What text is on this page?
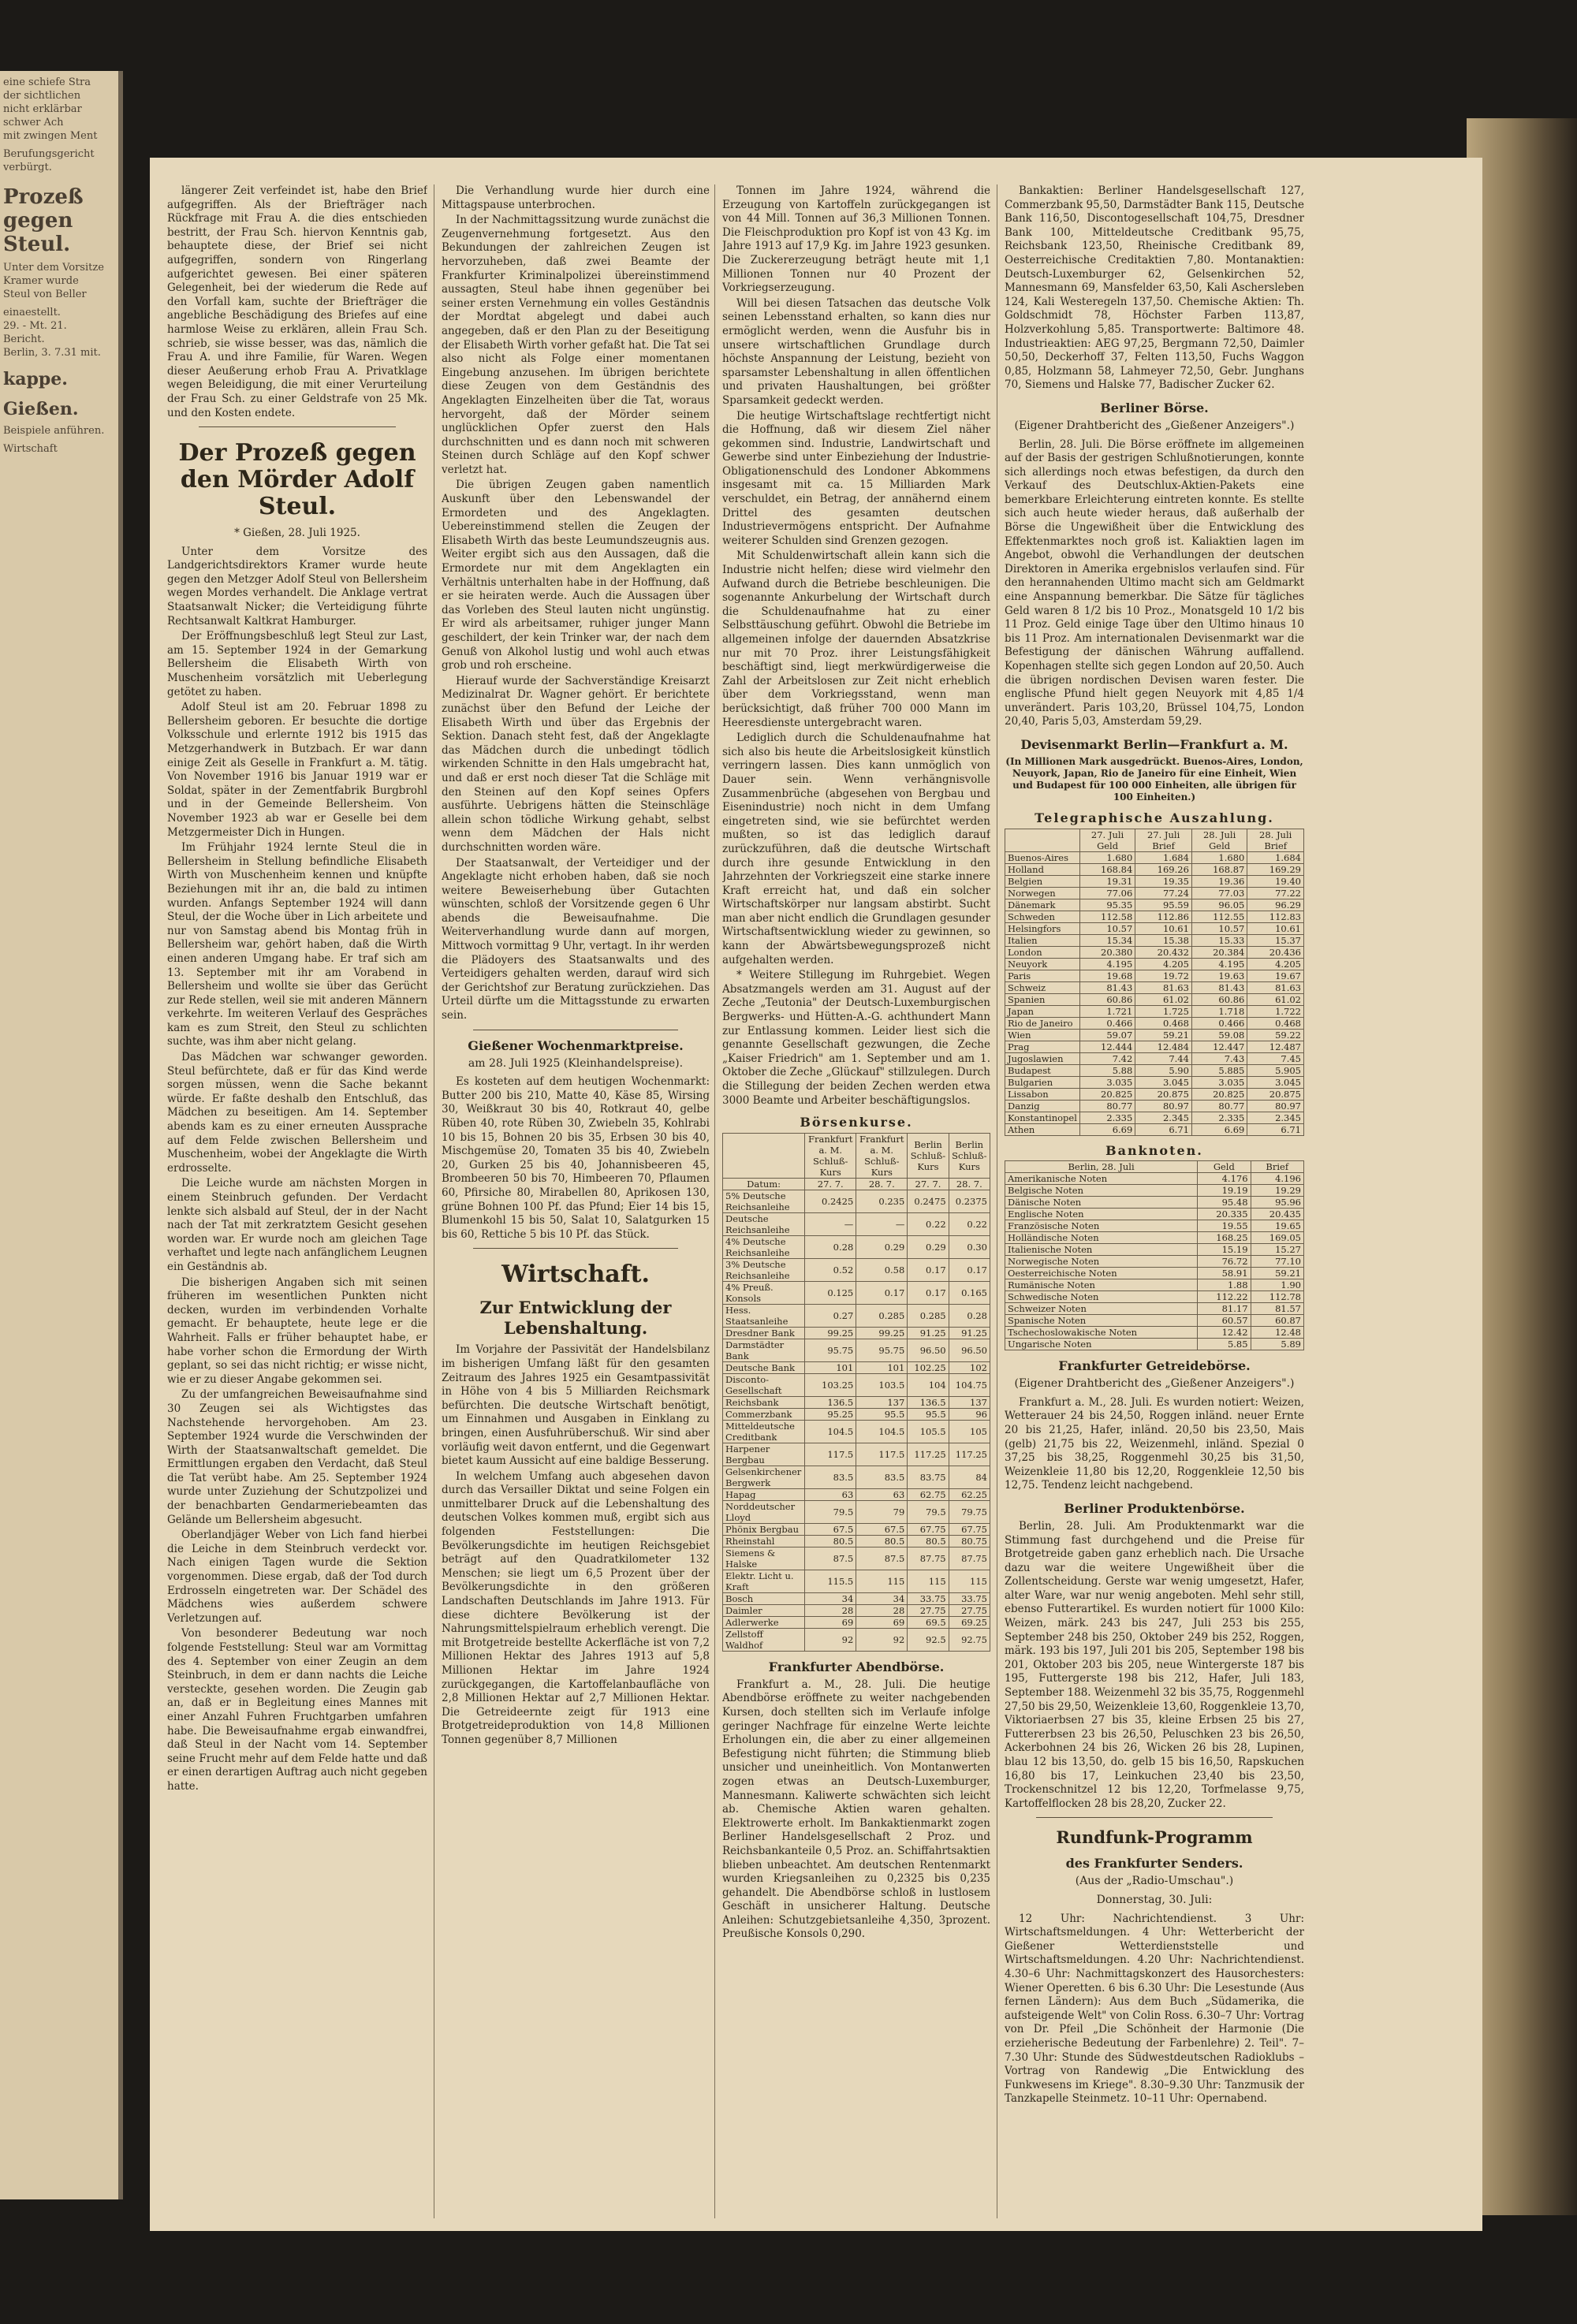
eine schiefe Stra
der sichtlichen
nicht erklärbar
schwer Ach
mit zwingen Ment
Berufungsgericht
verbürgt.
Prozeß gegen
Steul.
Unter dem Vorsitze
Kramer wurde
Steul von Beller
einaestellt.
29. - Mt. 21.
Bericht.
Berlin, 3. 7.31 mit.
kappe.
Gießen.
Beispiele anführen.
Wirtschaft

längerer Zeit verfeindet ist, habe den Brief aufgegriffen. Als der Briefträger nach Rückfrage mit Frau A. die dies entschieden bestritt, der Frau Sch. hiervon Kenntnis gab, behauptete diese, der Brief sei nicht aufgegriffen, sondern von Ringerlang aufgerichtet gewesen. Bei einer späteren Gelegenheit, bei der wiederum die Rede auf den Vorfall kam, suchte der Briefträger die angebliche Beschädigung des Briefes auf eine harmlose Weise zu erklären, allein Frau Sch. schrieb, sie wisse besser, was das, nämlich die Frau A. und ihre Familie, für Waren. Wegen dieser Aeußerung erhob Frau A. Privatklage wegen Beleidigung, die mit einer Verurteilung der Frau Sch. zu einer Geldstrafe von 25 Mk. und den Kosten endete.

Der Prozeß gegen den Mörder Adolf Steul.
* Gießen, 28. Juli 1925.

Unter dem Vorsitze des Landgerichtsdirektors Kramer wurde heute gegen den Metzger Adolf Steul von Bellersheim wegen Mordes verhandelt. Die Anklage vertrat Staatsanwalt Nicker; die Verteidigung führte Rechtsanwalt Kaltkrat Hamburger.

Der Eröffnungsbeschluß legt Steul zur Last, am 15. September 1924 in der Gemarkung Bellersheim die Elisabeth Wirth von Muschenheim vorsätzlich mit Ueberlegung getötet zu haben.

Adolf Steul ist am 20. Februar 1898 zu Bellersheim geboren. Er besuchte die dortige Volksschule und erlernte 1912 bis 1915 das Metzgerhandwerk in Butzbach. Er war dann einige Zeit als Geselle in Frankfurt a. M. tätig. Von November 1916 bis Januar 1919 war er Soldat, später in der Zementfabrik Burgbrohl und in der Gemeinde Bellersheim. Von November 1923 ab war er Geselle bei dem Metzgermeister Dich in Hungen.

Im Frühjahr 1924 lernte Steul die in Bellersheim in Stellung befindliche Elisabeth Wirth von Muschenheim kennen und knüpfte Beziehungen mit ihr an, die bald zu intimen wurden. Anfangs September 1924 will dann Steul, der die Woche über in Lich arbeitete und nur von Samstag abend bis Montag früh in Bellersheim war, gehört haben, daß die Wirth einen anderen Umgang habe. Er traf sich am 13. September mit ihr am Vorabend in Bellersheim und wollte sie über das Gerücht zur Rede stellen, weil sie mit anderen Männern verkehrte. Im weiteren Verlauf des Gespräches kam es zum Streit, den Steul zu schlichten suchte, was ihm aber nicht gelang.

Das Mädchen war schwanger geworden. Steul befürchtete, daß er für das Kind werde sorgen müssen, wenn die Sache bekannt würde. Er faßte deshalb den Entschluß, das Mädchen zu beseitigen. Am 14. September abends kam es zu einer erneuten Aussprache auf dem Felde zwischen Bellersheim und Muschenheim, wobei der Angeklagte die Wirth erdrosselte.

Die Leiche wurde am nächsten Morgen in einem Steinbruch gefunden. Der Verdacht lenkte sich alsbald auf Steul, der in der Nacht nach der Tat mit zerkratztem Gesicht gesehen worden war. Er wurde noch am gleichen Tage verhaftet und legte nach anfänglichem Leugnen ein Geständnis ab.

Die bisherigen Angaben sich mit seinen früheren im wesentlichen Punkten nicht decken, wurden im verbindenden Vorhalte gemacht. Er behauptete, heute lege er die Wahrheit. Falls er früher behauptet habe, er habe vorher schon die Ermordung der Wirth geplant, so sei das nicht richtig; er wisse nicht, wie er zu dieser Angabe gekommen sei.

Zu der umfangreichen Beweisaufnahme sind 30 Zeugen sei als Wichtigstes das Nachstehende hervorgehoben. Am 23. September 1924 wurde die Verschwinden der Wirth der Staatsanwaltschaft gemeldet. Die Ermittlungen ergaben den Verdacht, daß Steul die Tat verübt habe. Am 25. September 1924 wurde unter Zuziehung der Schutzpolizei und der benachbarten Gendarmeriebeamten das Gelände um Bellersheim abgesucht.

Oberlandjäger Weber von Lich fand hierbei die Leiche in dem Steinbruch verdeckt vor. Nach einigen Tagen wurde die Sektion vorgenommen. Diese ergab, daß der Tod durch Erdrosseln eingetreten war. Der Schädel des Mädchens wies außerdem schwere Verletzungen auf.

Von besonderer Bedeutung war noch folgende Feststellung: Steul war am Vormittag des 4. September von einer Zeugin an dem Steinbruch, in dem er dann nachts die Leiche versteckte, gesehen worden. Die Zeugin gab an, daß er in Begleitung eines Mannes mit einer Anzahl Fuhren Fruchtgarben umfahren habe. Die Beweisaufnahme ergab einwandfrei, daß Steul in der Nacht vom 14. September seine Frucht mehr auf dem Felde hatte und daß er einen derartigen Auftrag auch nicht gegeben hatte.

Die Verhandlung wurde hier durch eine Mittagspause unterbrochen.

In der Nachmittagssitzung wurde zunächst die Zeugenvernehmung fortgesetzt. Aus den Bekundungen der zahlreichen Zeugen ist hervorzuheben, daß zwei Beamte der Frankfurter Kriminalpolizei übereinstimmend aussagten, Steul habe ihnen gegenüber bei seiner ersten Vernehmung ein volles Geständnis der Mordtat abgelegt und dabei auch angegeben, daß er den Plan zu der Beseitigung der Elisabeth Wirth vorher gefaßt hat. Die Tat sei also nicht als Folge einer momentanen Eingebung anzusehen. Im übrigen berichtete diese Zeugen von dem Geständnis des Angeklagten Einzelheiten über die Tat, woraus hervorgeht, daß der Mörder seinem unglücklichen Opfer zuerst den Hals durchschnitten und es dann noch mit schweren Steinen durch Schläge auf den Kopf schwer verletzt hat.

Die übrigen Zeugen gaben namentlich Auskunft über den Lebenswandel der Ermordeten und des Angeklagten. Uebereinstimmend stellen die Zeugen der Elisabeth Wirth das beste Leumundszeugnis aus. Weiter ergibt sich aus den Aussagen, daß die Ermordete nur mit dem Angeklagten ein Verhältnis unterhalten habe in der Hoffnung, daß er sie heiraten werde. Auch die Aussagen über das Vorleben des Steul lauten nicht ungünstig. Er wird als arbeitsamer, ruhiger junger Mann geschildert, der kein Trinker war, der nach dem Genuß von Alkohol lustig und wohl auch etwas grob und roh erscheine.

Hierauf wurde der Sachverständige Kreisarzt Medizinalrat Dr. Wagner gehört. Er berichtete zunächst über den Befund der Leiche der Elisabeth Wirth und über das Ergebnis der Sektion. Danach steht fest, daß der Angeklagte das Mädchen durch die unbedingt tödlich wirkenden Schnitte in den Hals umgebracht hat, und daß er erst noch dieser Tat die Schläge mit den Steinen auf den Kopf seines Opfers ausführte. Uebrigens hätten die Steinschläge allein schon tödliche Wirkung gehabt, selbst wenn dem Mädchen der Hals nicht durchschnitten worden wäre.

Der Staatsanwalt, der Verteidiger und der Angeklagte nicht erhoben haben, daß sie noch weitere Beweiserhebung über Gutachten wünschten, schloß der Vorsitzende gegen 6 Uhr abends die Beweisaufnahme. Die Weiterverhandlung wurde dann auf morgen, Mittwoch vormittag 9 Uhr, vertagt. In ihr werden die Plädoyers des Staatsanwalts und des Verteidigers gehalten werden, darauf wird sich der Gerichtshof zur Beratung zurückziehen. Das Urteil dürfte um die Mittagsstunde zu erwarten sein.

Gießener Wochenmarktpreise.
am 28. Juli 1925 (Kleinhandelspreise).

Es kosteten auf dem heutigen Wochenmarkt: Butter 200 bis 210, Matte 40, Käse 85, Wirsing 30, Weißkraut 30 bis 40, Rotkraut 40, gelbe Rüben 40, rote Rüben 30, Zwiebeln 35, Kohlrabi 10 bis 15, Bohnen 20 bis 35, Erbsen 30 bis 40, Mischgemüse 20, Tomaten 35 bis 40, Zwiebeln 20, Gurken 25 bis 40, Johannisbeeren 45, Brombeeren 50 bis 70, Himbeeren 70, Pflaumen 60, Pfirsiche 80, Mirabellen 80, Aprikosen 130, grüne Bohnen 100 Pf. das Pfund; Eier 14 bis 15, Blumenkohl 15 bis 50, Salat 10, Salatgurken 15 bis 60, Rettiche 5 bis 10 Pf. das Stück.

Wirtschaft.
Zur Entwicklung der Lebenshaltung.

Im Vorjahre der Passivität der Handelsbilanz im bisherigen Umfang läßt für den gesamten Zeitraum des Jahres 1925 ein Gesamtpassivität in Höhe von 4 bis 5 Milliarden Reichsmark befürchten. Die deutsche Wirtschaft benötigt, um Einnahmen und Ausgaben in Einklang zu bringen, einen Ausfuhrüberschuß. Wir sind aber vorläufig weit davon entfernt, und die Gegenwart bietet kaum Aussicht auf eine baldige Besserung.

In welchem Umfang auch abgesehen davon durch das Versailler Diktat und seine Folgen ein unmittelbarer Druck auf die Lebenshaltung des deutschen Volkes kommen muß, ergibt sich aus folgenden Feststellungen: Die Bevölkerungsdichte im heutigen Reichsgebiet beträgt auf den Quadratkilometer 132 Menschen; sie liegt um 6,5 Prozent über der Bevölkerungsdichte in den größeren Landschaften Deutschlands im Jahre 1913. Für diese dichtere Bevölkerung ist der Nahrungsmittelspielraum erheblich verengt. Die mit Brotgetreide bestellte Ackerfläche ist von 7,2 Millionen Hektar des Jahres 1913 auf 5,8 Millionen Hektar im Jahre 1924 zurückgegangen, die Kartoffelanbaufläche von 2,8 Millionen Hektar auf 2,7 Millionen Hektar. Die Getreideernte zeigt für 1913 eine Brotgetreideproduktion von 14,8 Millionen Tonnen gegenüber 8,7 Millionen

Tonnen im Jahre 1924, während die Erzeugung von Kartoffeln zurückgegangen ist von 44 Mill. Tonnen auf 36,3 Millionen Tonnen. Die Fleischproduktion pro Kopf ist von 43 Kg. im Jahre 1913 auf 17,9 Kg. im Jahre 1923 gesunken. Die Zuckererzeugung beträgt heute mit 1,1 Millionen Tonnen nur 40 Prozent der Vorkriegserzeugung.

Will bei diesen Tatsachen das deutsche Volk seinen Lebensstand erhalten, so kann dies nur ermöglicht werden, wenn die Ausfuhr bis in unsere wirtschaftlichen Grundlage durch höchste Anspannung der Leistung, bezieht von sparsamster Lebenshaltung in allen öffentlichen und privaten Haushaltungen, bei größter Sparsamkeit gedeckt werden.

Die heutige Wirtschaftslage rechtfertigt nicht die Hoffnung, daß wir diesem Ziel näher gekommen sind. Industrie, Landwirtschaft und Gewerbe sind unter Einbeziehung der Industrie-Obligationenschuld des Londoner Abkommens insgesamt mit ca. 15 Milliarden Mark verschuldet, ein Betrag, der annähernd einem Drittel des gesamten deutschen Industrievermögens entspricht. Der Aufnahme weiterer Schulden sind Grenzen gezogen.

Mit Schuldenwirtschaft allein kann sich die Industrie nicht helfen; diese wird vielmehr den Aufwand durch die Betriebe beschleunigen. Die sogenannte Ankurbelung der Wirtschaft durch die Schuldenaufnahme hat zu einer Selbsttäuschung geführt. Obwohl die Betriebe im allgemeinen infolge der dauernden Absatzkrise nur mit 70 Proz. ihrer Leistungsfähigkeit beschäftigt sind, liegt merkwürdigerweise die Zahl der Arbeitslosen zur Zeit nicht erheblich über dem Vorkriegsstand, wenn man berücksichtigt, daß früher 700 000 Mann im Heeresdienste untergebracht waren.

Lediglich durch die Schuldenaufnahme hat sich also bis heute die Arbeitslosigkeit künstlich verringern lassen. Dies kann unmöglich von Dauer sein. Wenn verhängnisvolle Zusammenbrüche (abgesehen von Bergbau und Eisenindustrie) noch nicht in dem Umfang eingetreten sind, wie sie befürchtet werden mußten, so ist das lediglich darauf zurückzuführen, daß die deutsche Wirtschaft durch ihre gesunde Entwicklung in den Jahrzehnten der Vorkriegszeit eine starke innere Kraft erreicht hat, und daß ein solcher Wirtschaftskörper nur langsam abstirbt. Sucht man aber nicht endlich die Grundlagen gesunder Wirtschaftsentwicklung wieder zu gewinnen, so kann der Abwärtsbewegungsprozeß nicht aufgehalten werden.

* Weitere Stillegung im Ruhrgebiet. Wegen Absatzmangels werden am 31. August auf der Zeche „Teutonia" der Deutsch-Luxemburgischen Bergwerks- und Hütten-A.-G. achthundert Mann zur Entlassung kommen. Leider liest sich die genannte Gesellschaft gezwungen, die Zeche „Kaiser Friedrich" am 1. September und am 1. Oktober die Zeche „Glückauf" stillzulegen. Durch die Stillegung der beiden Zechen werden etwa 3000 Beamte und Arbeiter beschäftigungslos.

Börsenkurse.
	Frankfurt a. M. Schluß-Kurs	Frankfurt a. M. Schluß-Kurs	Berlin Schluß-Kurs	Berlin Schluß-Kurs
Datum:	27. 7.	28. 7.	27. 7.	28. 7.
5% Deutsche Reichsanleihe	0.2425	0.235	0.2475	0.2375
Deutsche Reichsanleihe	—	—	0.22	0.22
4% Deutsche Reichsanleihe	0.28	0.29	0.29	0.30
3% Deutsche Reichsanleihe	0.52	0.58	0.17	0.17
4% Preuß. Konsols	0.125	0.17	0.17	0.165
Hess. Staatsanleihe	0.27	0.285	0.285	0.28
Dresdner Bank	99.25	99.25	91.25	91.25
Darmstädter Bank	95.75	95.75	96.50	96.50
Deutsche Bank	101	101	102.25	102
Disconto-Gesellschaft	103.25	103.5	104	104.75
Reichsbank	136.5	137	136.5	137
Commerzbank	95.25	95.5	95.5	96
Mitteldeutsche Creditbank	104.5	104.5	105.5	105
Harpener Bergbau	117.5	117.5	117.25	117.25
Gelsenkirchener Bergwerk	83.5	83.5	83.75	84
Hapag	63	63	62.75	62.25
Norddeutscher Lloyd	79.5	79	79.5	79.75
Phönix Bergbau	67.5	67.5	67.75	67.75
Rheinstahl	80.5	80.5	80.5	80.75
Siemens & Halske	87.5	87.5	87.75	87.75
Elektr. Licht u. Kraft	115.5	115	115	115
Bosch	34	34	33.75	33.75
Daimler	28	28	27.75	27.75
Adlerwerke	69	69	69.5	69.25
Zellstoff Waldhof	92	92	92.5	92.75
Frankfurter Abendbörse.

Frankfurt a. M., 28. Juli. Die heutige Abendbörse eröffnete zu weiter nachgebenden Kursen, doch stellten sich im Verlaufe infolge geringer Nachfrage für einzelne Werte leichte Erholungen ein, die aber zu einer allgemeinen Befestigung nicht führten; die Stimmung blieb unsicher und uneinheitlich. Von Montanwerten zogen etwas an Deutsch-Luxemburger, Mannesmann. Kaliwerte schwächten sich leicht ab. Chemische Aktien waren gehalten. Elektrowerte erholt. Im Bankaktienmarkt zogen Berliner Handelsgesellschaft 2 Proz. und Reichsbankanteile 0,5 Proz. an. Schiffahrtsaktien blieben unbeachtet. Am deutschen Rentenmarkt wurden Kriegsanleihen zu 0,2325 bis 0,235 gehandelt. Die Abendbörse schloß in lustlosem Geschäft in unsicherer Haltung. Deutsche Anleihen: Schutzgebietsanleihe 4,350, 3prozent. Preußische Konsols 0,290.

Bankaktien: Berliner Handelsgesellschaft 127, Commerzbank 95,50, Darmstädter Bank 115, Deutsche Bank 116,50, Discontogesellschaft 104,75, Dresdner Bank 100, Mitteldeutsche Creditbank 95,75, Reichsbank 123,50, Rheinische Creditbank 89, Oesterreichische Creditaktien 7,80. Montanaktien: Deutsch-Luxemburger 62, Gelsenkirchen 52, Mannesmann 69, Mansfelder 63,50, Kali Aschersleben 124, Kali Westeregeln 137,50. Chemische Aktien: Th. Goldschmidt 78, Höchster Farben 113,87, Holzverkohlung 5,85. Transportwerte: Baltimore 48. Industrieaktien: AEG 97,25, Bergmann 72,50, Daimler 50,50, Deckerhoff 37, Felten 113,50, Fuchs Waggon 0,85, Holzmann 58, Lahmeyer 72,50, Gebr. Junghans 70, Siemens und Halske 77, Badischer Zucker 62.

Berliner Börse.
(Eigener Drahtbericht des „Gießener Anzeigers".)

Berlin, 28. Juli. Die Börse eröffnete im allgemeinen auf der Basis der gestrigen Schlußnotierungen, konnte sich allerdings noch etwas befestigen, da durch den Verkauf des Deutschlux-Aktien-Pakets eine bemerkbare Erleichterung eintreten konnte. Es stellte sich auch heute wieder heraus, daß außerhalb der Börse die Ungewißheit über die Entwicklung des Effektenmarktes noch groß ist. Kaliaktien lagen im Angebot, obwohl die Verhandlungen der deutschen Direktoren in Amerika ergebnislos verlaufen sind. Für den herannahenden Ultimo macht sich am Geldmarkt eine Anspannung bemerkbar. Die Sätze für tägliches Geld waren 8 1/2 bis 10 Proz., Monatsgeld 10 1/2 bis 11 Proz. Geld einige Tage über den Ultimo hinaus 10 bis 11 Proz. Am internationalen Devisenmarkt war die Befestigung der dänischen Währung auffallend. Kopenhagen stellte sich gegen London auf 20,50. Auch die übrigen nordischen Devisen waren fester. Die englische Pfund hielt gegen Neuyork mit 4,85 1/4 unverändert. Paris 103,20, Brüssel 104,75, London 20,40, Paris 5,03, Amsterdam 59,29.

Devisenmarkt Berlin—Frankfurt a. M.
(In Millionen Mark ausgedrückt. Buenos-Aires, London, Neuyork, Japan, Rio de Janeiro für eine Einheit, Wien und Budapest für 100 000 Einheiten, alle übrigen für 100 Einheiten.)
Telegraphische Auszahlung.
	27. Juli Geld	27. Juli Brief	28. Juli Geld	28. Juli Brief
Buenos-Aires	1.680	1.684	1.680	1.684
Holland	168.84	169.26	168.87	169.29
Belgien	19.31	19.35	19.36	19.40
Norwegen	77.06	77.24	77.03	77.22
Dänemark	95.35	95.59	96.05	96.29
Schweden	112.58	112.86	112.55	112.83
Helsingfors	10.57	10.61	10.57	10.61
Italien	15.34	15.38	15.33	15.37
London	20.380	20.432	20.384	20.436
Neuyork	4.195	4.205	4.195	4.205
Paris	19.68	19.72	19.63	19.67
Schweiz	81.43	81.63	81.43	81.63
Spanien	60.86	61.02	60.86	61.02
Japan	1.721	1.725	1.718	1.722
Rio de Janeiro	0.466	0.468	0.466	0.468
Wien	59.07	59.21	59.08	59.22
Prag	12.444	12.484	12.447	12.487
Jugoslawien	7.42	7.44	7.43	7.45
Budapest	5.88	5.90	5.885	5.905
Bulgarien	3.035	3.045	3.035	3.045
Lissabon	20.825	20.875	20.825	20.875
Danzig	80.77	80.97	80.77	80.97
Konstantinopel	2.335	2.345	2.335	2.345
Athen	6.69	6.71	6.69	6.71
Banknoten.
Berlin, 28. Juli	Geld	Brief
Amerikanische Noten	4.176	4.196
Belgische Noten	19.19	19.29
Dänische Noten	95.48	95.96
Englische Noten	20.335	20.435
Französische Noten	19.55	19.65
Holländische Noten	168.25	169.05
Italienische Noten	15.19	15.27
Norwegische Noten	76.72	77.10
Oesterreichische Noten	58.91	59.21
Rumänische Noten	1.88	1.90
Schwedische Noten	112.22	112.78
Schweizer Noten	81.17	81.57
Spanische Noten	60.57	60.87
Tschechoslowakische Noten	12.42	12.48
Ungarische Noten	5.85	5.89
Frankfurter Getreidebörse.
(Eigener Drahtbericht des „Gießener Anzeigers".)

Frankfurt a. M., 28. Juli. Es wurden notiert: Weizen, Wetterauer 24 bis 24,50, Roggen inländ. neuer Ernte 20 bis 21,25, Hafer, inländ. 20,50 bis 23,50, Mais (gelb) 21,75 bis 22, Weizenmehl, inländ. Spezial 0 37,25 bis 38,25, Roggenmehl 30,25 bis 31,50, Weizenkleie 11,80 bis 12,20, Roggenkleie 12,50 bis 12,75. Tendenz leicht nachgebend.

Berliner Produktenbörse.

Berlin, 28. Juli. Am Produktenmarkt war die Stimmung fast durchgehend und die Preise für Brotgetreide gaben ganz erheblich nach. Die Ursache dazu war die weitere Ungewißheit über die Zollentscheidung. Gerste war wenig umgesetzt, Hafer, alter Ware, war nur wenig angeboten. Mehl sehr still, ebenso Futterartikel. Es wurden notiert für 1000 Kilo: Weizen, märk. 243 bis 247, Juli 253 bis 255, September 248 bis 250, Oktober 249 bis 252, Roggen, märk. 193 bis 197, Juli 201 bis 205, September 198 bis 201, Oktober 203 bis 205, neue Wintergerste 187 bis 195, Futtergerste 198 bis 212, Hafer, Juli 183, September 188. Weizenmehl 32 bis 35,75, Roggenmehl 27,50 bis 29,50, Weizenkleie 13,60, Roggenkleie 13,70, Viktoriaerbsen 27 bis 35, kleine Erbsen 25 bis 27, Futtererbsen 23 bis 26,50, Peluschken 23 bis 26,50, Ackerbohnen 24 bis 26, Wicken 26 bis 28, Lupinen, blau 12 bis 13,50, do. gelb 15 bis 16,50, Rapskuchen 16,80 bis 17, Leinkuchen 23,40 bis 23,50, Trockenschnitzel 12 bis 12,20, Torfmelasse 9,75, Kartoffelflocken 28 bis 28,20, Zucker 22.

Rundfunk-Programm
des Frankfurter Senders.
(Aus der „Radio-Umschau".)
Donnerstag, 30. Juli:

12 Uhr: Nachrichtendienst. 3 Uhr: Wirtschaftsmeldungen. 4 Uhr: Wetterbericht der Gießener Wetterdienststelle und Wirtschaftsmeldungen. 4.20 Uhr: Nachrichtendienst. 4.30–6 Uhr: Nachmittagskonzert des Hausorchesters: Wiener Operetten. 6 bis 6.30 Uhr: Die Lesestunde (Aus fernen Ländern): Aus dem Buch „Südamerika, die aufsteigende Welt" von Colin Ross. 6.30–7 Uhr: Vortrag von Dr. Pfeil „Die Schönheit der Harmonie (Die erzieherische Bedeutung der Farbenlehre) 2. Teil". 7–7.30 Uhr: Stunde des Südwestdeutschen Radioklubs – Vortrag von Randewig „Die Entwicklung des Funkwesens im Kriege". 8.30–9.30 Uhr: Tanzmusik der Tanzkapelle Steinmetz. 10–11 Uhr: Opernabend.
